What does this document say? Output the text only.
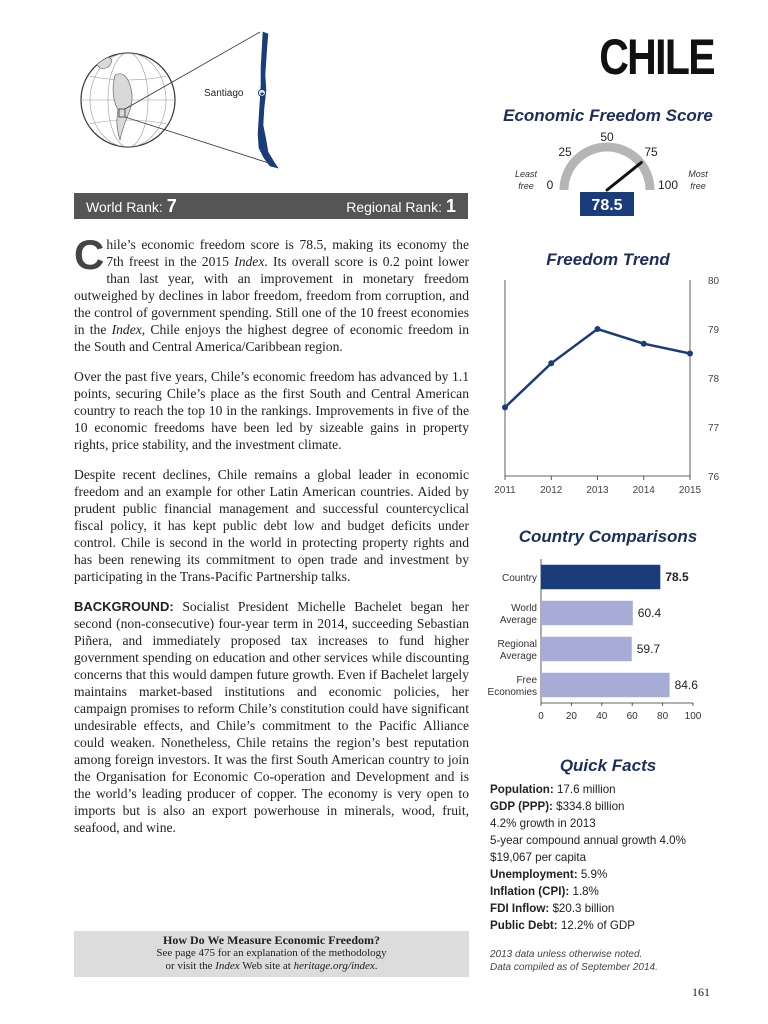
Santiago ★
CHILE
World Rank: 7	Regional Rank: 1

Chile’s economic freedom score is 78.5, making its economy the 7th freest in the 2015 Index. Its overall score is 0.2 point lower than last year, with an improvement in monetary freedom outweighed by declines in labor freedom, freedom from corruption, and the control of government spending. Still one of the 10 freest economies in the Index, Chile enjoys the highest degree of economic freedom in the South and Central America/Caribbean region.

Over the past five years, Chile’s economic freedom has advanced by 1.1 points, securing Chile’s place as the first South and Central American country to reach the top 10 in the rankings. Improvements in five of the 10 economic freedoms have been led by sizeable gains in property rights, price stability, and the investment climate.

Despite recent declines, Chile remains a global leader in economic freedom and an example for other Latin American countries. Aided by prudent public financial management and successful countercyclical fiscal policy, it has kept public debt low and budget deficits under control. Chile is second in the world in protecting property rights and has been renewing its commitment to open trade and investment by participating in the Trans-Pacific Partnership talks.

BACKGROUND: Socialist President Michelle Bachelet began her second (non-consecutive) four-year term in 2014, succeeding Sebastian Piñera, and immediately proposed tax increases to fund higher government spending on education and other services while discounting concerns that this would dampen future growth. Even if Bachelet largely maintains market-based institutions and economic policies, her campaign promises to reform Chile’s constitution could have significant undesirable effects, and Chile’s commitment to the Pacific Alliance could weaken. Nonetheless, Chile retains the region’s best reputation among foreign investors. It was the first South American country to join the Organisation for Economic Co-operation and Development and is the world’s leading producer of copper. The economy is very open to imports but is also an export powerhouse in minerals, wood, fruit, seafood, and wine.

How Do We Measure Economic Freedom?
See page 475 for an explanation of the methodology
or visit the Index Web site at heritage.org/index.
Economic Freedom Score
0
25
50
75
100
Least
free
Most
free
78.5
Freedom Trend
76
77
78
79
80
2011 2012 2013 2014 2015
Country Comparisons
0 20 40 60 80 100
78.5
Country
60.4
World
Average
59.7
Regional
Average
84.6
Free
Economies
Quick Facts
Population: 17.6 million
GDP (PPP): $334.8 billion
4.2% growth in 2013
5-year compound annual growth 4.0%
$19,067 per capita
Unemployment: 5.9%
Inflation (CPI): 1.8%
FDI Inflow: $20.3 billion
Public Debt: 12.2% of GDP
2013 data unless otherwise noted.
Data compiled as of September 2014.
161
